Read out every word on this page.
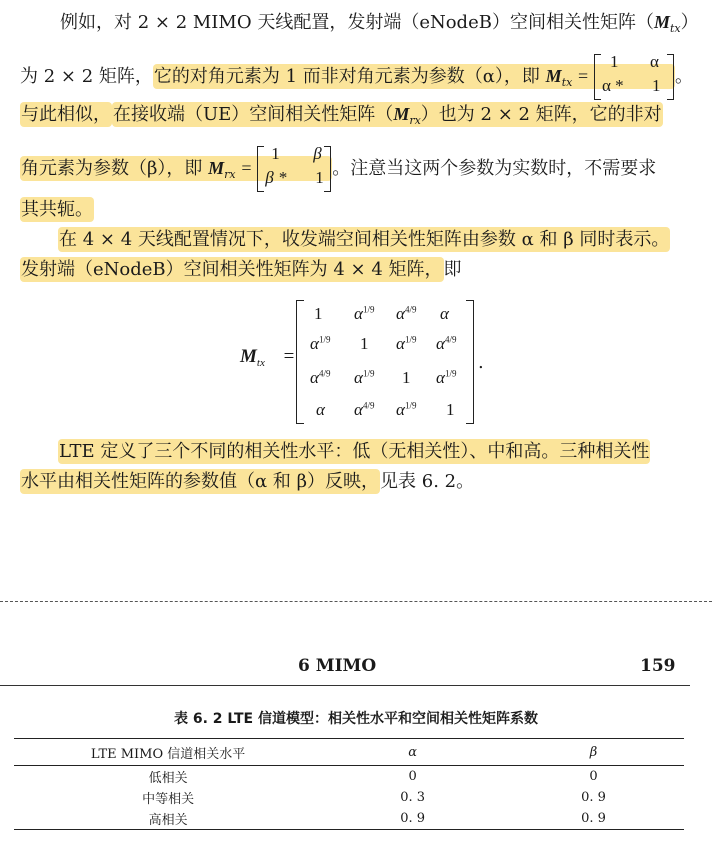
例如，对 2 × 2 MIMO 天线配置，发射端（eNodeB）空间相关性矩阵$(M_{tx})$
为 2 × 2 矩阵，它的对角元素为 1 而非对角元素为参数（α），即 $M_{tx}$ =
1 α
α * 1 。
与此相似， 在接收端（UE）空间相关性矩阵$(M_{rx})$也为 2 × 2 矩阵，它的非对
角元素为参数（β），即 $M_{rx}$ =
1 β
β * 1 。注意当这两个参数为实数时，不需要求
其共轭。
在 4 × 4 天线配置情况下，收发端空间相关性矩阵由参数 α 和 β 同时表示。
发射端（eNodeB）空间相关性矩阵为 4 × 4 矩阵，即
$M_{tx}$ =	.
1 $\alpha^{1/9}$ $\alpha^{4/9}$ α
$\alpha^{1/9}$ 1 $\alpha^{1/9}$ $\alpha^{4/9}$
$\alpha^{4/9}$ $\alpha^{1/9}$ 1 $\alpha^{1/9}$
α $\alpha^{4/9}$ $\alpha^{1/9}$ 1
LTE 定义了三个不同的相关性水平：低（无相关性）、中和高。三种相关性
水平由相关性矩阵的参数值（α 和 β）反映，见表 6. 2。
6 MIMO	159
表 6. 2 LTE 信道模型：相关性水平和空间相关性矩阵系数
LTE MIMO 信道相关水平	α	β
低相关	0	0
中等相关	0. 3	0. 9
高相关	0. 9	0. 9
